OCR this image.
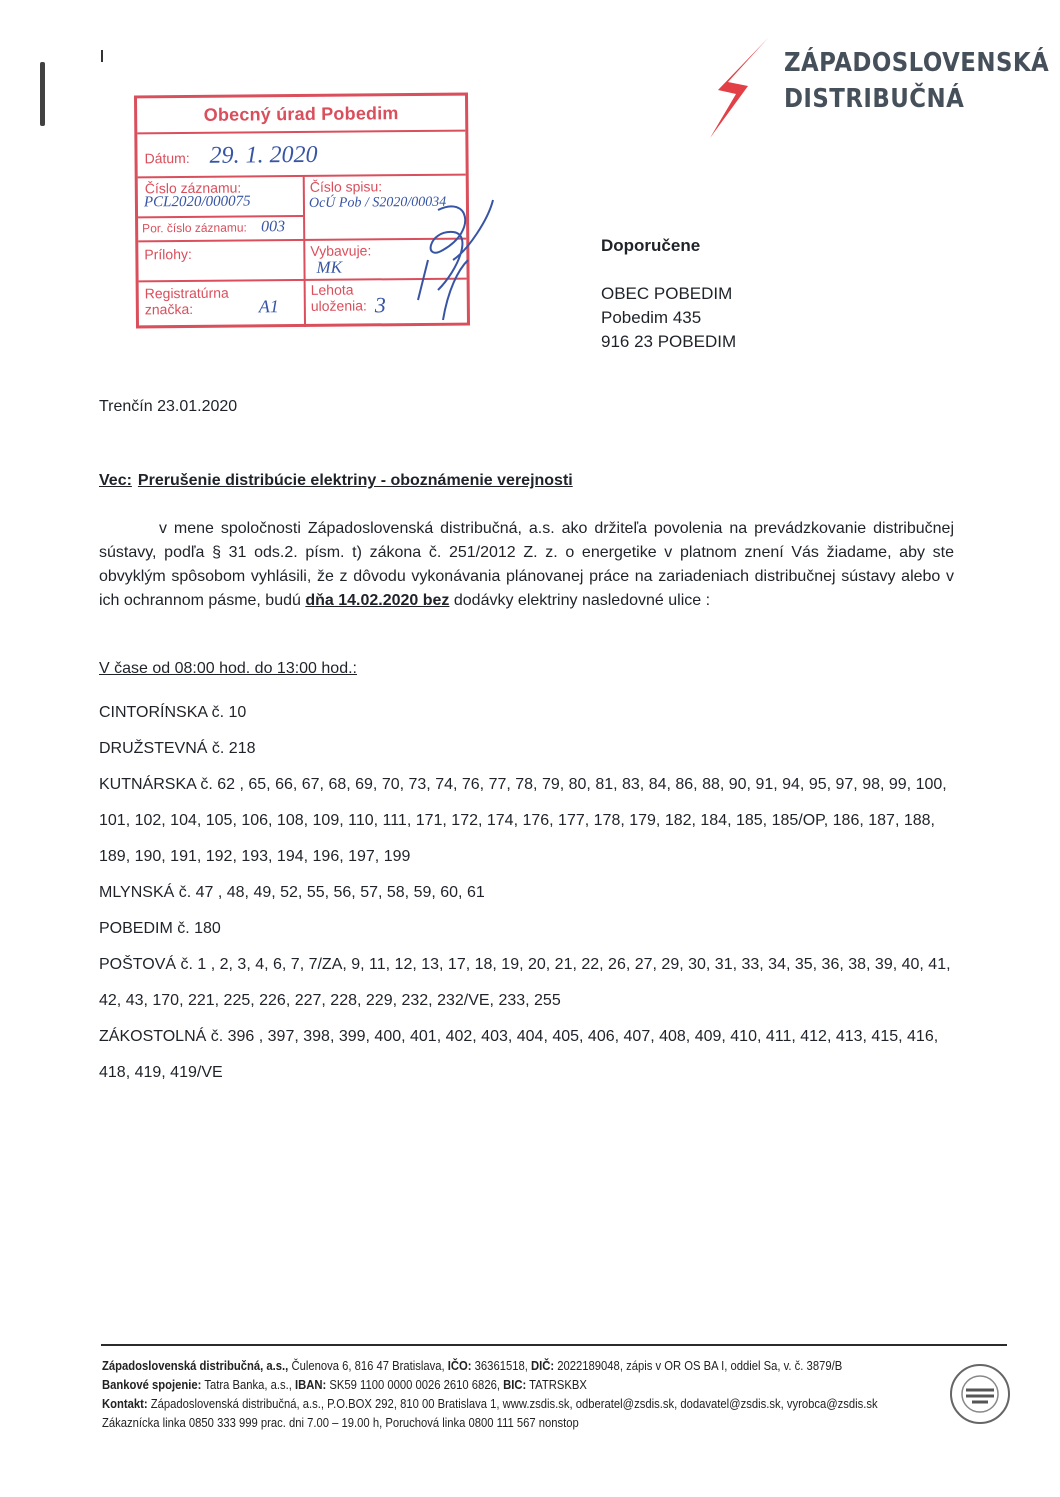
ZÁPADOSLOVENSKÁ
DISTRIBUČNÁ
Obecný úrad Pobedim
Dátum: 29. 1. 2020
Číslo záznamu:
PCL2020/000075
Číslo spisu:
OcÚ Pob / S2020/00034
Por. číslo záznamu: 003
Prílohy:	Vybavuje:
MK
Registratúrna značka:	A1
Lehota uloženia: 3
Doporučene
OBEC POBEDIM
Pobedim 435
916 23 POBEDIM
Trenčín 23.01.2020
Vec: Prerušenie distribúcie elektriny - oboznámenie verejnosti
v mene spoločnosti Západoslovenská distribučná, a.s. ako držiteľa povolenia na prevádzkovanie distribučnej sústavy, podľa § 31 ods.2. písm. t) zákona č. 251/2012 Z. z. o energetike v platnom znení Vás žiadame, aby ste obvyklým spôsobom vyhlásili, že z dôvodu vykonávania plánovanej práce na zariadeniach distribučnej sústavy alebo v ich ochrannom pásme, budú dňa 14.02.2020 bez dodávky elektriny nasledovné ulice :
V čase od 08:00 hod. do 13:00 hod.:
CINTORÍNSKA č. 10
DRUŽSTEVNÁ č. 218
KUTNÁRSKA č. 62 , 65, 66, 67, 68, 69, 70, 73, 74, 76, 77, 78, 79, 80, 81, 83, 84, 86, 88, 90, 91, 94, 95, 97, 98, 99, 100, 101, 102, 104, 105, 106, 108, 109, 110, 111, 171, 172, 174, 176, 177, 178, 179, 182, 184, 185, 185/OP, 186, 187, 188, 189, 190, 191, 192, 193, 194, 196, 197, 199
MLYNSKÁ č. 47 , 48, 49, 52, 55, 56, 57, 58, 59, 60, 61
POBEDIM č. 180
POŠTOVÁ č. 1 , 2, 3, 4, 6, 7, 7/ZA, 9, 11, 12, 13, 17, 18, 19, 20, 21, 22, 26, 27, 29, 30, 31, 33, 34, 35, 36, 38, 39, 40, 41, 42, 43, 170, 221, 225, 226, 227, 228, 229, 232, 232/VE, 233, 255
ZÁKOSTOLNÁ č. 396 , 397, 398, 399, 400, 401, 402, 403, 404, 405, 406, 407, 408, 409, 410, 411, 412, 413, 415, 416, 418, 419, 419/VE
Západoslovenská distribučná, a.s., Čulenova 6, 816 47 Bratislava, IČO: 36361518, DIČ: 2022189048, zápis v OR OS BA I, oddiel Sa, v. č. 3879/B
Bankové spojenie: Tatra Banka, a.s., IBAN: SK59 1100 0000 0026 2610 6826, BIC: TATRSKBX
Kontakt: Západoslovenská distribučná, a.s., P.O.BOX 292, 810 00 Bratislava 1, www.zsdis.sk, odberatel@zsdis.sk, dodavatel@zsdis.sk, vyrobca@zsdis.sk
Zákaznícka linka 0850 333 999 prac. dni 7.00 – 19.00 h, Poruchová linka 0800 111 567 nonstop
